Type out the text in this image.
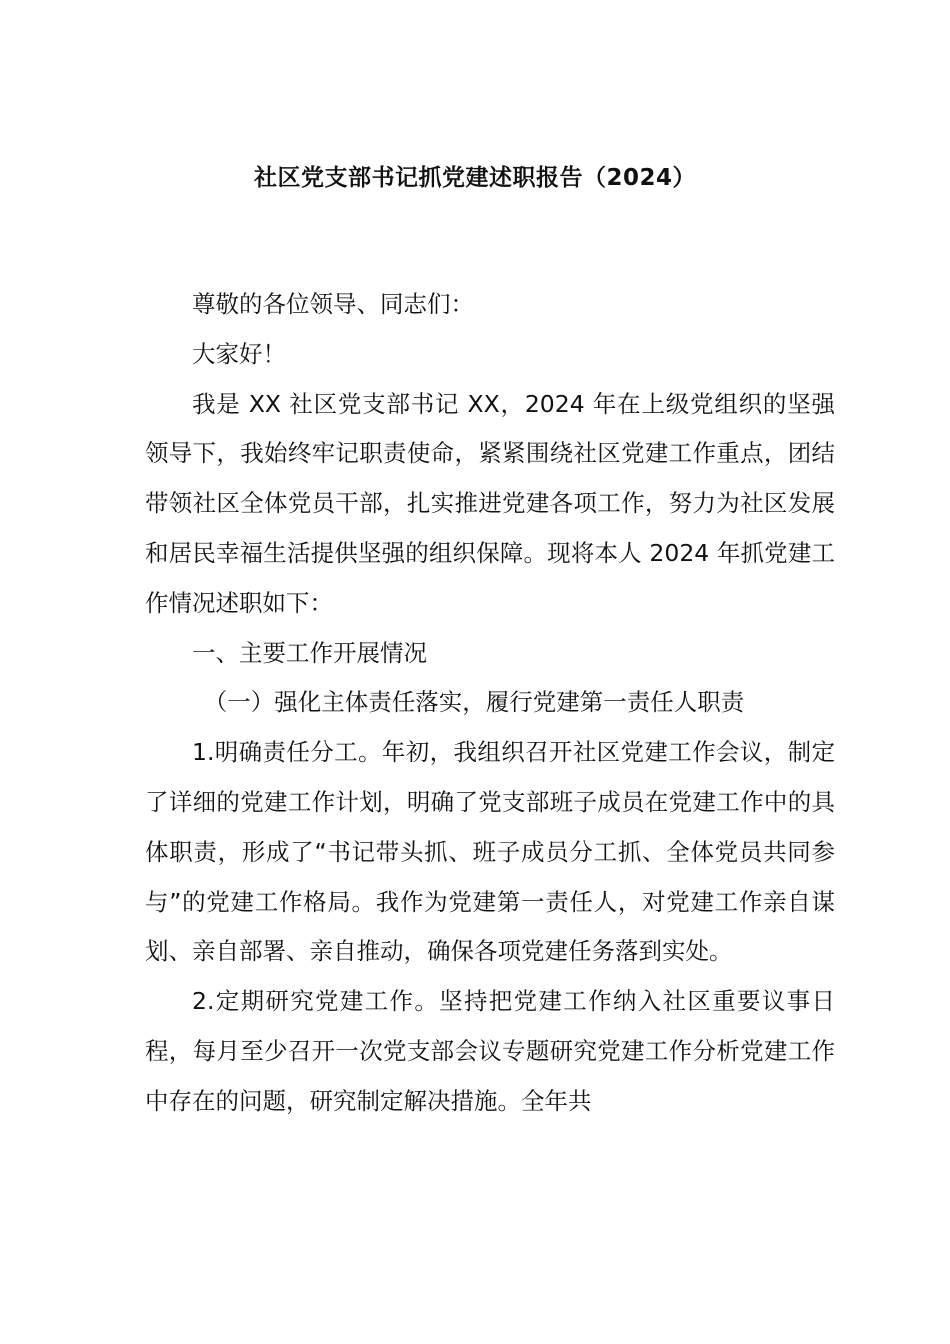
社区党支部书记抓党建述职报告（2024）

尊敬的各位领导、同志们：

大家好！

我是 XX 社区党支部书记 XX，2024 年在上级党组织的坚强领导下，我始终牢记职责使命，紧紧围绕社区党建工作重点，团结带领社区全体党员干部，扎实推进党建各项工作，努力为社区发展和居民幸福生活提供坚强的组织保障。现将本人 2024 年抓党建工作情况述职如下：

一、主要工作开展情况

（一）强化主体责任落实，履行党建第一责任人职责

1.明确责任分工。年初，我组织召开社区党建工作会议，制定了详细的党建工作计划，明确了党支部班子成员在党建工作中的具体职责，形成了“书记带头抓、班子成员分工抓、全体党员共同参与”的党建工作格局。我作为党建第一责任人，对党建工作亲自谋划、亲自部署、亲自推动，确保各项党建任务落到实处。

2.定期研究党建工作。坚持把党建工作纳入社区重要议事日程，每月至少召开一次党支部会议专题研究党建工作分析党建工作中存在的问题，研究制定解决措施。全年共
